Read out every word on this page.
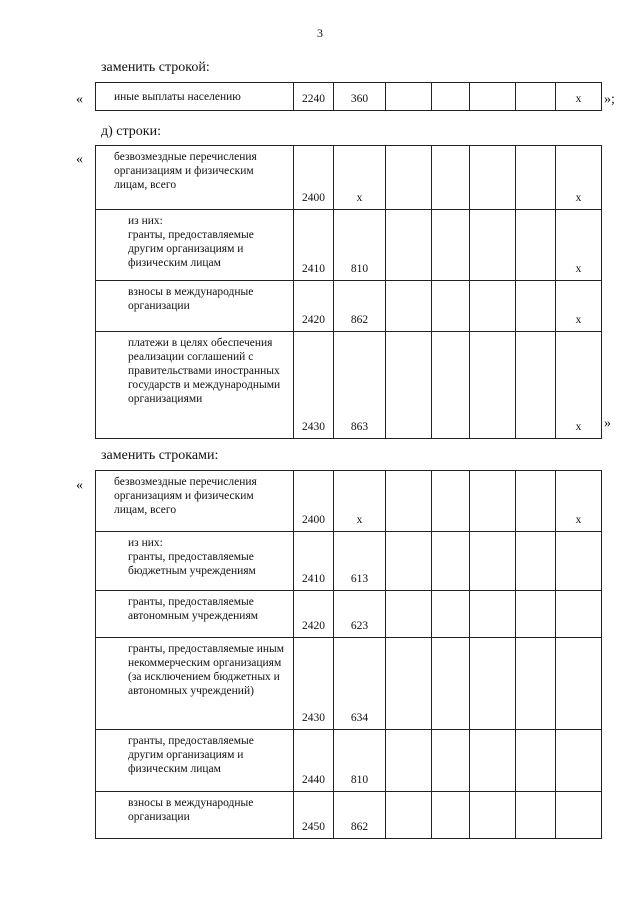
3
заменить строкой:
«	»;
иные выплаты населению	2240	360					x
д) строки:
«
»
безвозмездные перечисления организациям и физическим лицам, всего	2400	x					x

из них:
гранты, предоставляемые другим организациям и физическим лицам	2410	810					x

взносы в международные организации	2420	862					x

платежи в целях обеспечения реализации соглашений с правительствами иностранных государств и международными организациями	2430	863					x
заменить строками:
«	безвозмездные перечисления организациям и физическим лицам, всего	2400	x					x

из них:
гранты, предоставляемые бюджетным учреждениям	2410	613					

гранты, предоставляемые автономным учреждениям	2420	623					

гранты, предоставляемые иным некоммерческим организациям (за исключением бюджетных и автономных учреждений)	2430	634					

гранты, предоставляемые другим организациям и физическим лицам	2440	810					

взносы в международные организации	2450	862					
